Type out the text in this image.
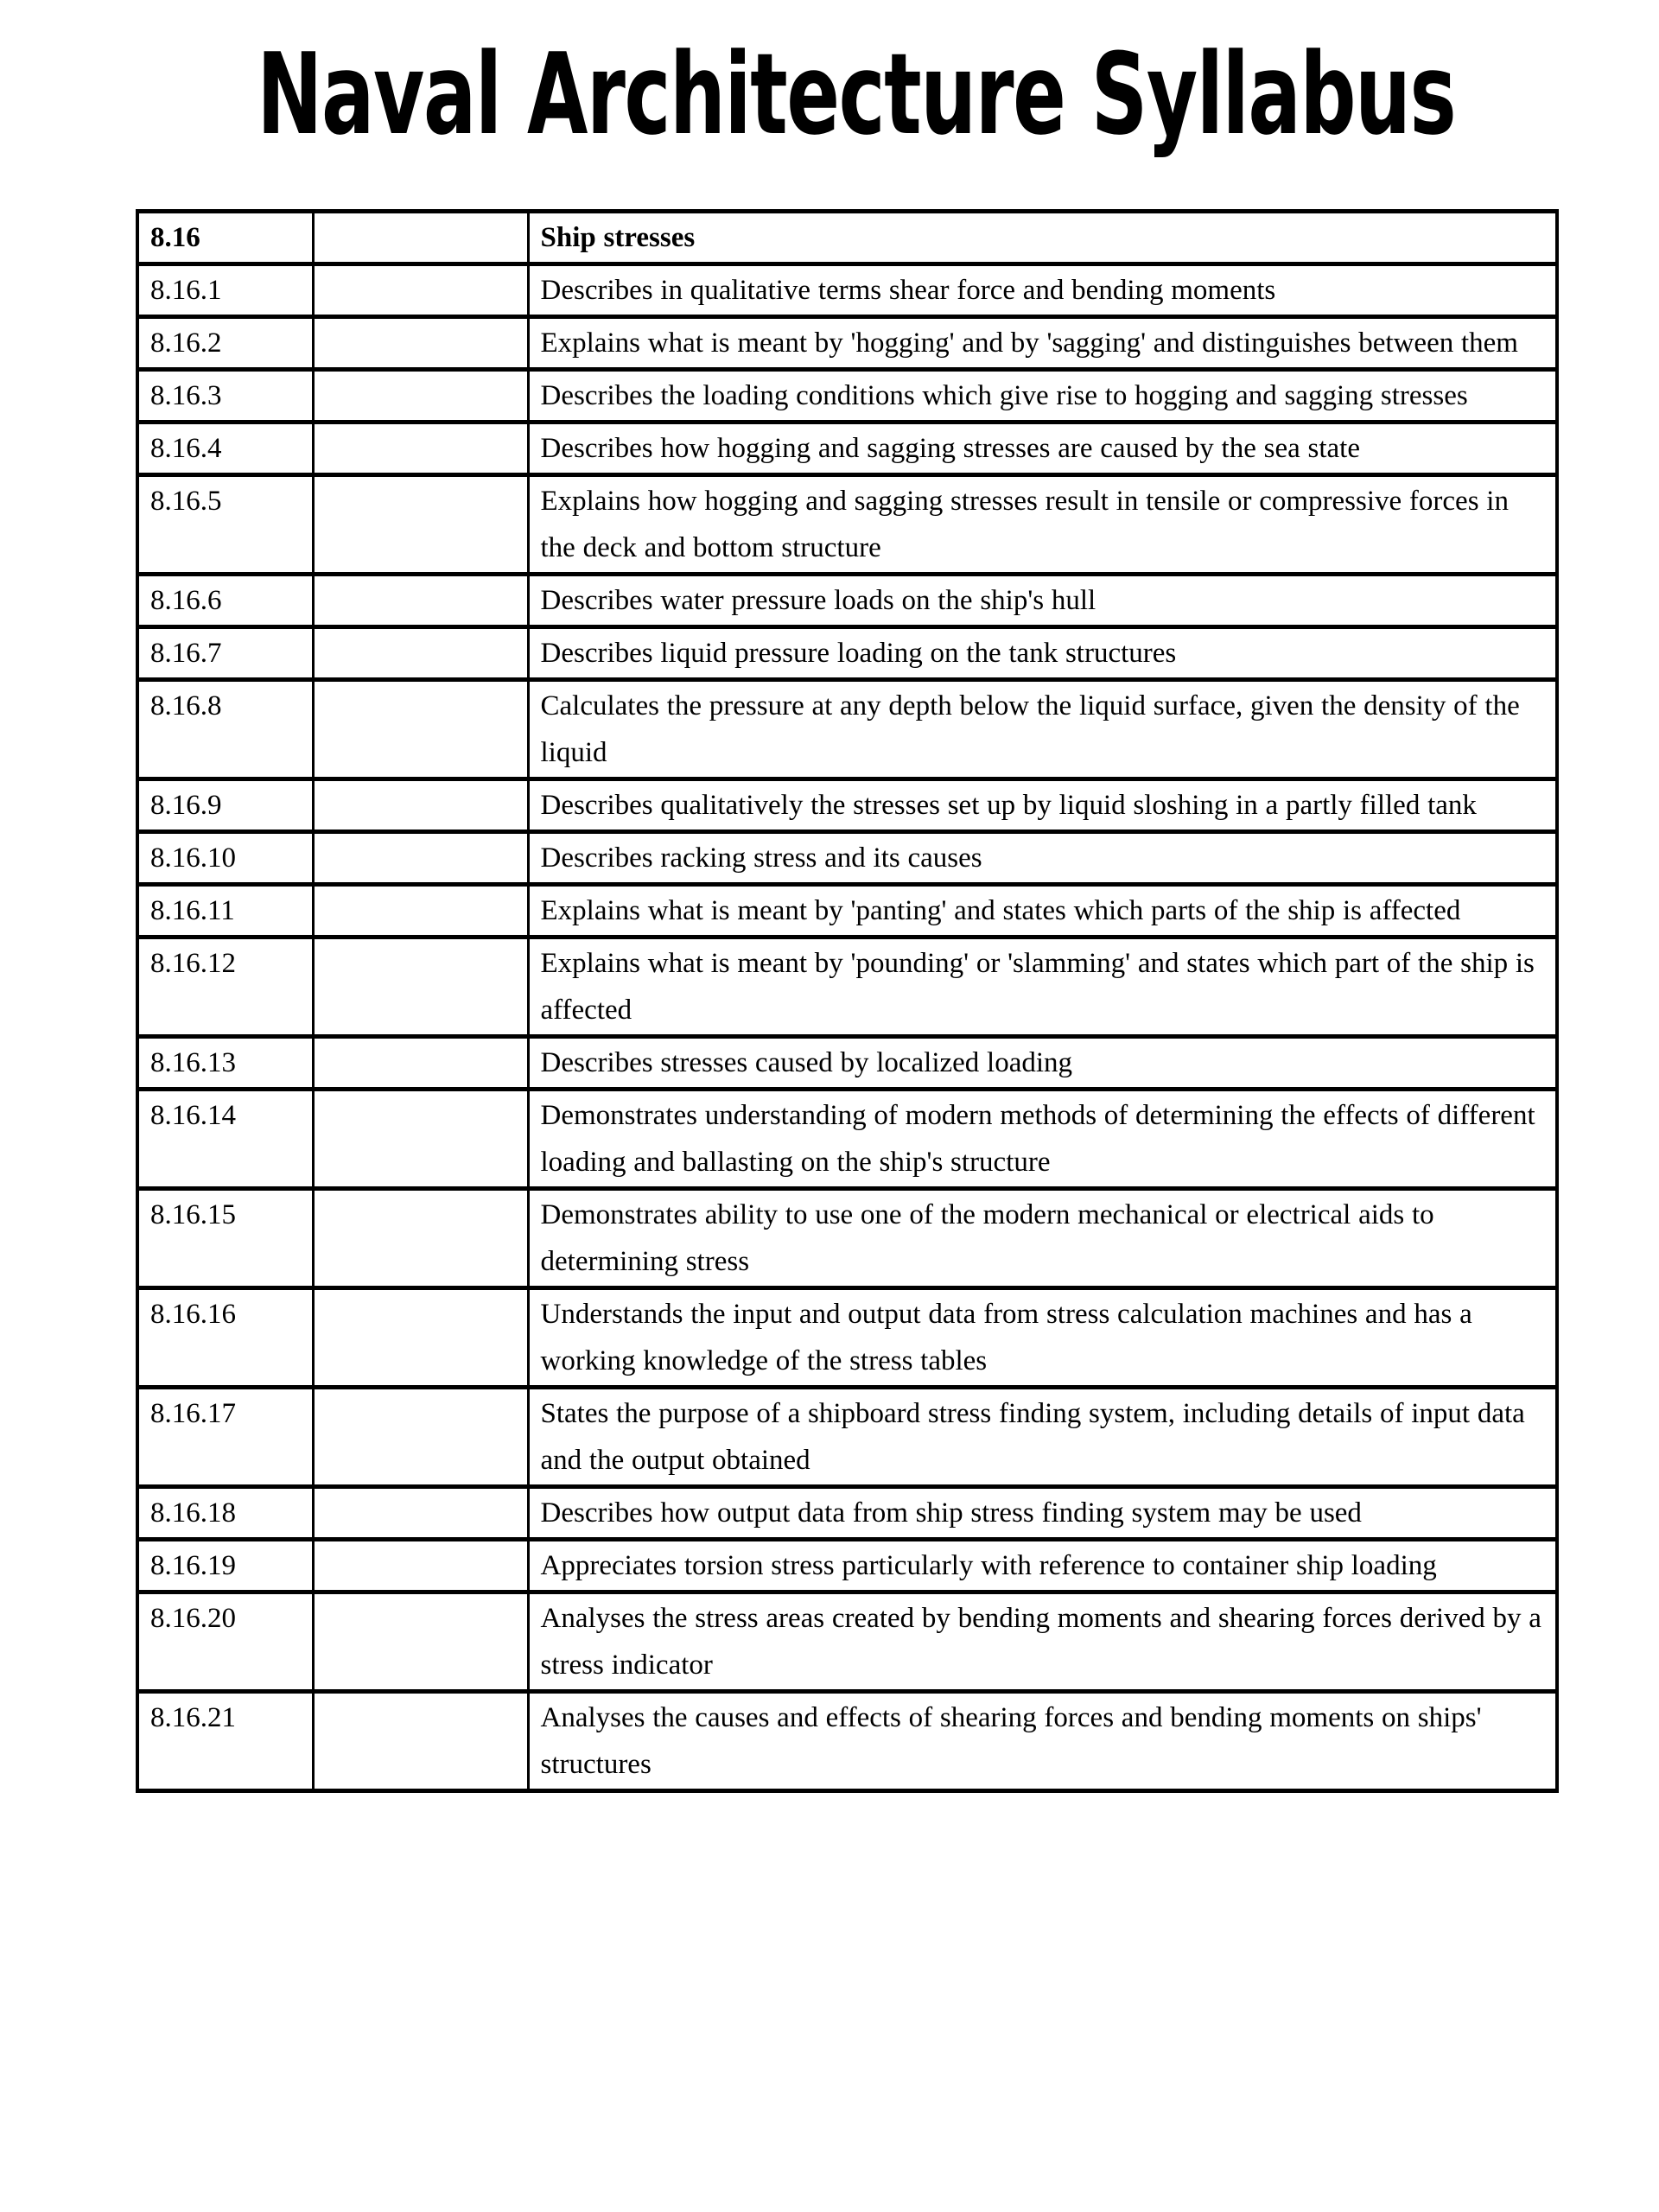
Naval Architecture Syllabus
8.16		Ship stresses
8.16.1		Describes in qualitative terms shear force and bending moments
8.16.2		Explains what is meant by 'hogging' and by 'sagging' and distinguishes between them
8.16.3		Describes the loading conditions which give rise to hogging and sagging stresses
8.16.4		Describes how hogging and sagging stresses are caused by the sea state
8.16.5		Explains how hogging and sagging stresses result in tensile or compressive forces in the deck and bottom structure
8.16.6		Describes water pressure loads on the ship's hull
8.16.7		Describes liquid pressure loading on the tank structures
8.16.8		Calculates the pressure at any depth below the liquid surface, given the density of the liquid
8.16.9		Describes qualitatively the stresses set up by liquid sloshing in a partly filled tank
8.16.10		Describes racking stress and its causes
8.16.11		Explains what is meant by 'panting' and states which parts of the ship is affected
8.16.12		Explains what is meant by 'pounding' or 'slamming' and states which part of the ship is affected
8.16.13		Describes stresses caused by localized loading
8.16.14		Demonstrates understanding of modern methods of determining the effects of different loading and ballasting on the ship's structure
8.16.15		Demonstrates ability to use one of the modern mechanical or electrical aids to determining stress
8.16.16		Understands the input and output data from stress calculation machines and has a working knowledge of the stress tables
8.16.17		States the purpose of a shipboard stress finding system, including details of input data and the output obtained
8.16.18		Describes how output data from ship stress finding system may be used
8.16.19		Appreciates torsion stress particularly with reference to container ship loading
8.16.20		Analyses the stress areas created by bending moments and shearing forces derived by a stress indicator
8.16.21		Analyses the causes and effects of shearing forces and bending moments on ships' structures
